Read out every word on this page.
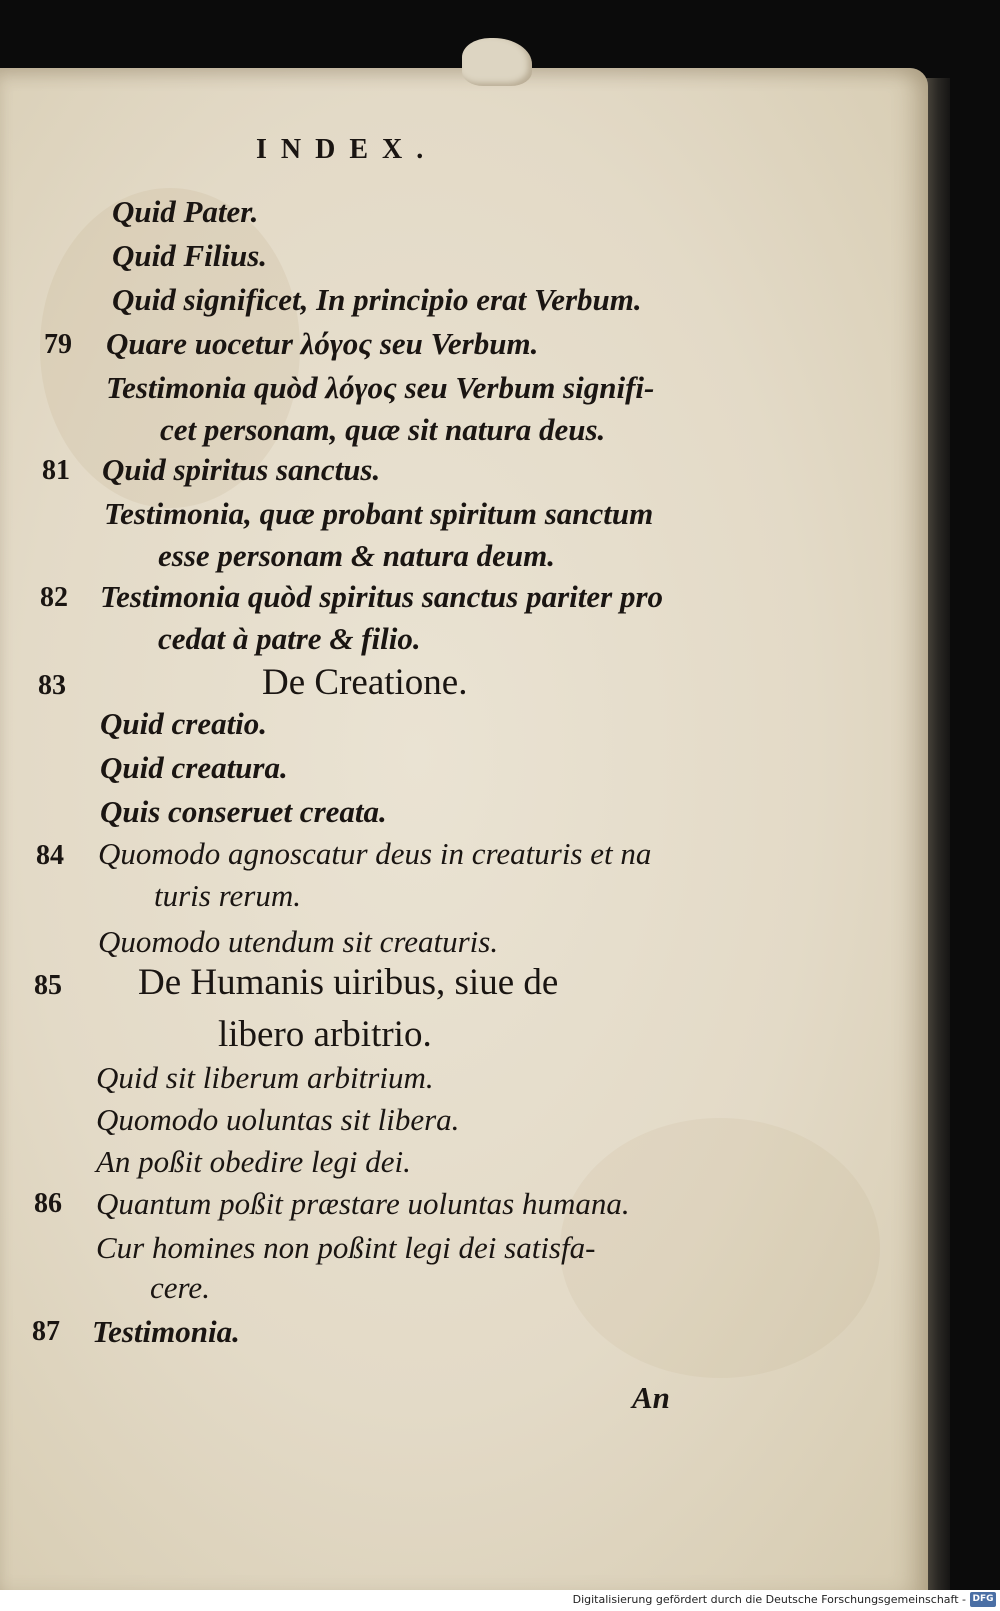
INDEX.
Quid Pater.
Quid Filius.
Quid significet, In principio erat Verbum.
79 Quare uocetur λόγος seu Verbum.
Testimonia quòd λόγος seu Verbum signifi-
cet personam, quæ sit natura deus.
81 Quid spiritus sanctus.
Testimonia, quæ probant spiritum sanctum
esse personam & natura deum.
82 Testimonia quòd spiritus sanctus pariter pro
cedat à patre & filio.
83	De Creatione.
Quid creatio.
Quid creatura.
Quis conseruet creata.
84 Quomodo agnoscatur deus in creaturis et na
turis rerum.
Quomodo utendum sit creaturis.
85 De Humanis uiribus, siue de
libero arbitrio.
Quid sit liberum arbitrium.
Quomodo uoluntas sit libera.
An poßit obedire legi dei.
86 Quantum poßit præstare uoluntas humana.
Cur homines non poßint legi dei satisfa-
cere.
87 Testimonia.
An
Digitalisierung gefördert durch die Deutsche Forschungsgemeinschaft - DFG
